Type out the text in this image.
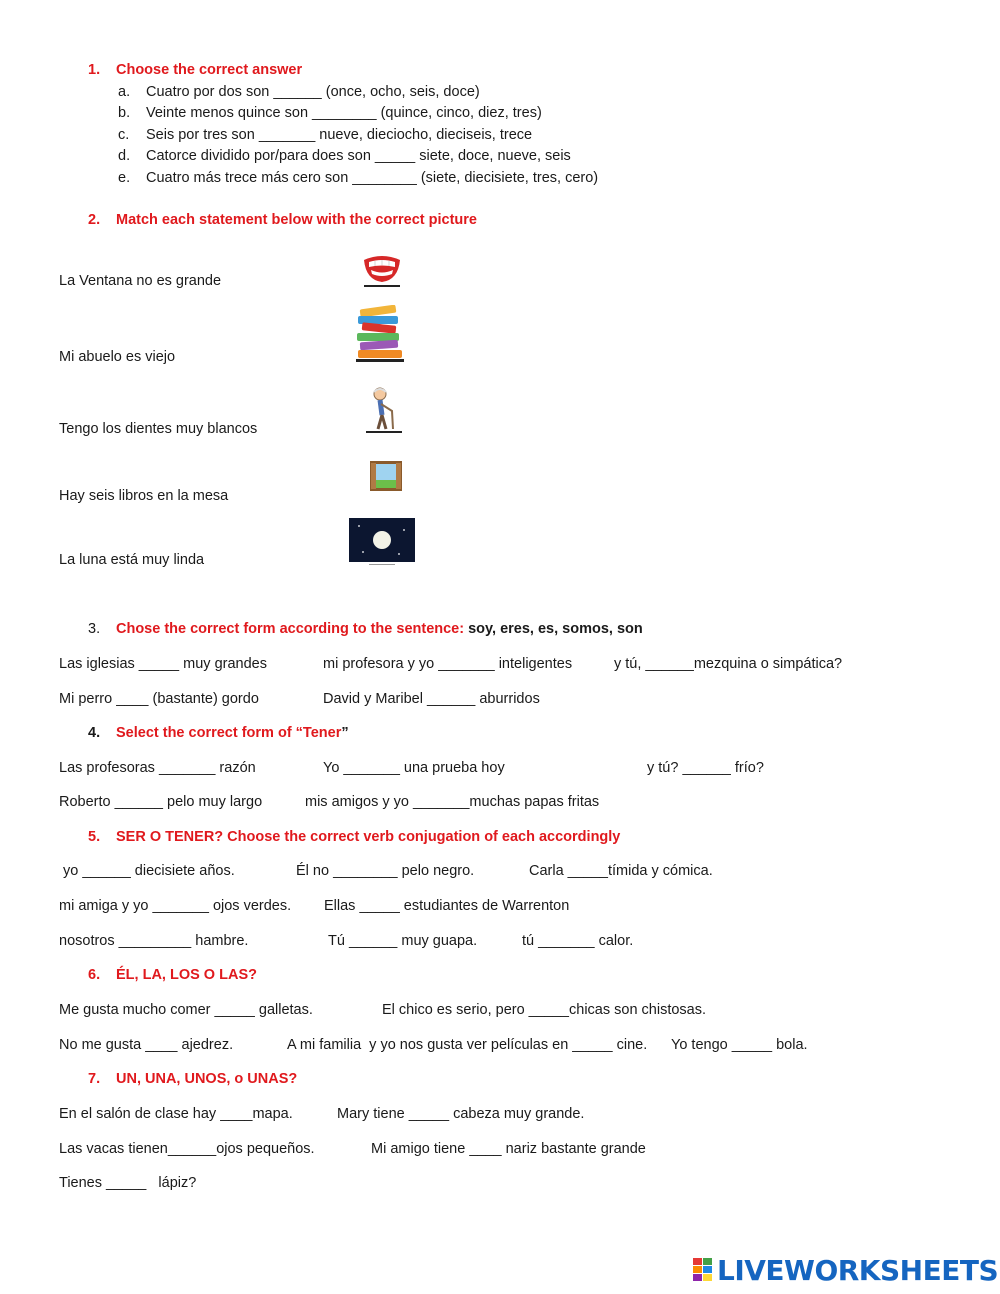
1. Choose the correct answer
a. Cuatro por dos son ______ (once, ocho, seis, doce)
b. Veinte menos quince son ________ (quince, cinco, diez, tres)
c. Seis por tres son _______ nueve, dieciocho, dieciseis, trece
d. Catorce dividido por/para does son _____ siete, doce, nueve, seis
e. Cuatro más trece más cero son ________ (siete, diecisiete, tres, cero)
2. Match each statement below with the correct picture
La Ventana no es grande
Mi abuelo es viejo
Tengo los dientes muy blancos
Hay seis libros en la mesa
La luna está muy linda
3. Chose the correct form according to the sentence: soy, eres, es, somos, son
Las iglesias _____ muy grandes	mi profesora y yo _______ inteligentes	y tú, ______mezquina o simpática?
Mi perro ____ (bastante) gordo	David y Maribel ______ aburridos
4. Select the correct form of “Tener”
Las profesoras _______ razón	Yo _______ una prueba hoy	y tú? ______ frío?
Roberto ______ pelo muy largo	mis amigos y yo _______muchas papas fritas
5. SER O TENER? Choose the correct verb conjugation of each accordingly
yo ______ diecisiete años.	Él no ________ pelo negro.	Carla _____tímida y cómica.
mi amiga y yo _______ ojos verdes. Ellas _____ estudiantes de Warrenton
nosotros _________ hambre.	Tú ______ muy guapa.	tú _______ calor.
6. ÉL, LA, LOS O LAS?
Me gusta mucho comer _____ galletas.	El chico es serio, pero _____chicas son chistosas.
No me gusta ____ ajedrez.	A mi familia  y yo nos gusta ver películas en _____ cine. Yo tengo _____ bola.
7. UN, UNA, UNOS, o UNAS?
En el salón de clase hay ____mapa.	Mary tiene _____ cabeza muy grande.
Las vacas tienen______ojos pequeños.	Mi amigo tiene ____ nariz bastante grande
Tienes _____   lápiz?
LIVEWORKSHEETS
